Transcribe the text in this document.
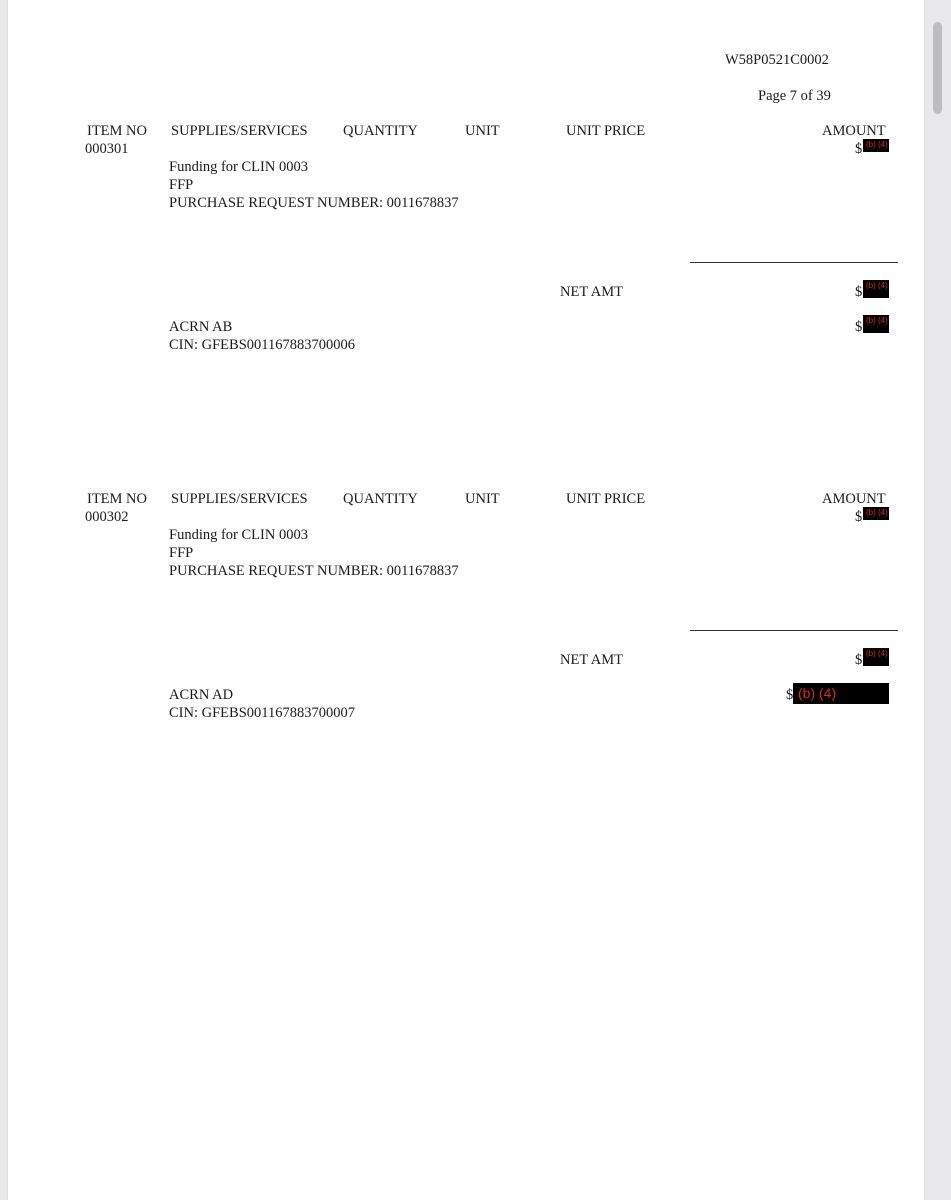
W58P0521C0002
Page 7 of 39
ITEM NO SUPPLIES/SERVICES QUANTITY	UNIT	UNIT PRICE	AMOUNT
000301	$ (b) (4)
Funding for CLIN 0003
FFP
PURCHASE REQUEST NUMBER: 0011678837
NET AMT	$ (b) (4)
ACRN AB	$ (b) (4)
CIN: GFEBS001167883700006
ITEM NO SUPPLIES/SERVICES QUANTITY	UNIT	UNIT PRICE	AMOUNT
000302	$ (b) (4)
Funding for CLIN 0003
FFP
PURCHASE REQUEST NUMBER: 0011678837
NET AMT	$ (b) (4)
ACRN AD	$ (b) (4)
CIN: GFEBS001167883700007
